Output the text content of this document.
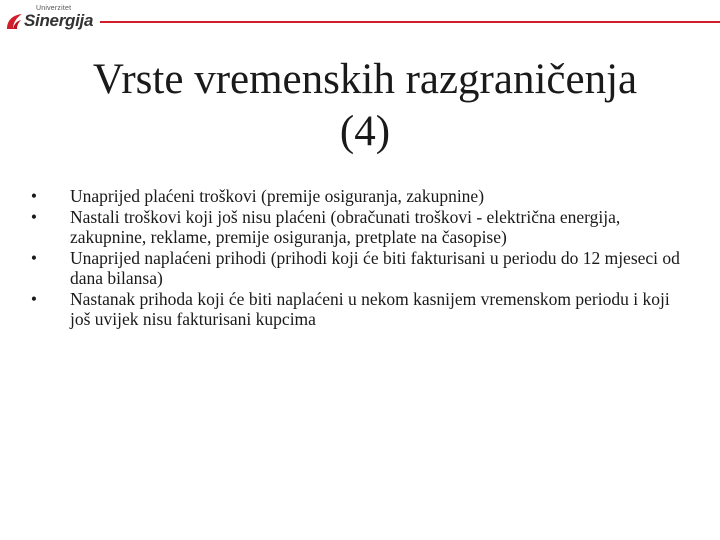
Univerzitet
Sinergija
Vrste vremenskih razgraničenja
(4)
• Unaprijed plaćeni troškovi (premije osiguranja, zakupnine)
• Nastali troškovi koji još nisu plaćeni (obračunati troškovi - električna energija, zakupnine, reklame, premije osiguranja, pretplate na časopise)
• Unaprijed naplaćeni prihodi (prihodi koji će biti fakturisani u periodu do 12 mjeseci od dana bilansa)
• Nastanak prihoda koji će biti naplaćeni u nekom kasnijem vremenskom periodu i koji još uvijek nisu fakturisani kupcima
